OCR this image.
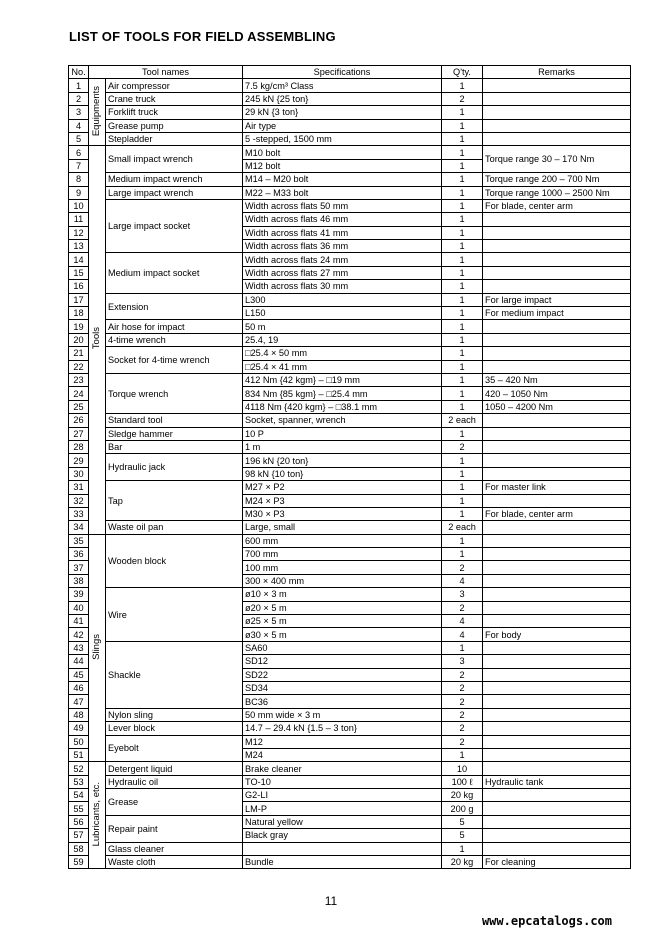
LIST OF TOOLS FOR FIELD ASSEMBLING
No.	Tool names		Specifications	Q'ty.	Remarks
1	Equipments	Air compressor	7.5 kg/cm³ Class	1	
2		Crane truck	245 kN {25 ton}	2	
3		Forklift truck	29 kN {3 ton}	1	
4		Grease pump	Air type	1	
5		Stepladder	5 -stepped, 1500 mm	1	
6	Tools	Small impact wrench	M10 bolt	1	Torque range 30 – 170 Nm
7			M12 bolt	1	
8		Medium impact wrench	M14 – M20 bolt	1	Torque range 200 – 700 Nm
9		Large impact wrench	M22 – M33 bolt	1	Torque range 1000 – 2500 Nm
10		Large impact socket	Width across flats 50 mm	1	For blade, center arm
11			Width across flats 46 mm	1	
12			Width across flats 41 mm	1	
13			Width across flats 36 mm	1	
14		Medium impact socket	Width across flats 24 mm	1	
15			Width across flats 27 mm	1	
16			Width across flats 30 mm	1	
17		Extension	L300	1	For large impact
18			L150	1	For medium impact
19		Air hose for impact	50 m	1	
20		4-time wrench	25.4, 19	1	
21		Socket for 4-time wrench	□25.4 × 50 mm	1	
22			□25.4 × 41 mm	1	
23		Torque wrench	412 Nm {42 kgm} – □19 mm	1	35 – 420 Nm
24			834 Nm {85 kgm} – □25.4 mm	1	420 – 1050 Nm
25			4118 Nm {420 kgm} – □38.1 mm	1	1050 – 4200 Nm
26		Standard tool	Socket, spanner, wrench	2 each	
27		Sledge hammer	10 P	1	
28		Bar	1 m	2	
29		Hydraulic jack	196 kN {20 ton}	1	
30			98 kN {10 ton}	1	
31		Tap	M27 × P2	1	For master link
32			M24 × P3	1	
33			M30 × P3	1	For blade, center arm
34		Waste oil pan	Large, small	2 each	
35	Slings	Wooden block	600 mm	1	
36			700 mm	1	
37			100 mm	2	
38			300 × 400 mm	4	
39		Wire	ø10 × 3 m	3	
40			ø20 × 5 m	2	
41			ø25 × 5 m	4	
42			ø30 × 5 m	4	For body
43		Shackle	SA60	1	
44			SD12	3	
45			SD22	2	
46			SD34	2	
47			BC36	2	
48		Nylon sling	50 mm wide × 3 m	2	
49		Lever block	14.7 – 29.4 kN {1.5 – 3 ton}	2	
50		Eyebolt	M12	2	
51			M24	1	
52	Lubricants, etc.	Detergent liquid	Brake cleaner	10	
53		Hydraulic oil	TO-10	100 ℓ	Hydraulic tank
54		Grease	G2-LI	20 kg	
55			LM-P	200 g	
56		Repair paint	Natural yellow	5	
57			Black gray	5	
58		Glass cleaner		1	
59		Waste cloth	Bundle	20 kg	For cleaning
11
www.epcatalogs.com
